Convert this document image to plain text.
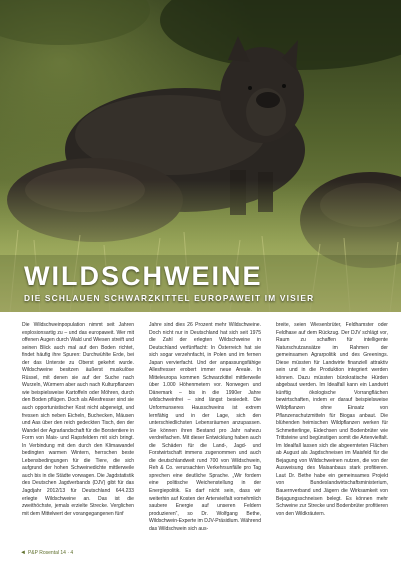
WILDSCHWEINE
DIE SCHLAUEN SCHWARZKITTEL EUROPAWEIT IM VISIER

Die Wildschweinpopulation nimmt seit Jahren explosionsartig zu – und das europaweit. Wer mit offenen Augen durch Wald und Wiesen streift und seinen Blick auch mal auf den Boden richtet, findet häufig ihre Spuren: Durchwühlte Erde, bei der das Unterste zu Oberst gekehrt wurde. Wildschweine besitzen äußerst muskulöse Rüssel, mit denen sie auf der Suche nach Wurzeln, Würmern aber auch nach Kulturpflanzen wie beispielsweise Kartoffeln oder Möhren, durch den Boden pflügen. Doch als Allesfresser sind sie auch opportunistischer Kost nicht abgeneigt, und fressen sich neben Eicheln, Buchecken, Mäusen und Aas über den reich gedeckten Tisch, den der Wandel der Agrarlandschaft für die Borstentiere in Form von Mais- und Rapsfeldern mit sich bringt. In Verbindung mit den durch den Klimawandel bedingten warmen Wintern, herrschen beste Lebensbedingungen für die Tiere, die sich aufgrund der hohen Schweinedichte mittlerweile auch bis in die Städte vorwagen. Die Jagdstatistik des Deutschen Jagdverbands (DJV) gibt für das Jagdjahr 2012/13 für Deutschland 644.233 erlegte Wildschweine an. Das ist die zweithöchste, jemals erzielte Strecke. Verglichen mit dem Mittelwert der vorangegangenen fünf

Jahre sind dies 26 Prozent mehr Wildschweine. Doch nicht nur in Deutschland hat sich seit 1975 die Zahl der erlegten Wildschweine in Deutschland verfünffacht: In Österreich hat sie sich sogar verzehnfacht, in Polen und im fernen Japan vervierfacht. Und der anpassungsfähige Allesfresser erobert immer neue Areale. In Mitteleuropa kommen Schwarzkittel mittlerweile über 1.000 Höhenmetern vor. Norwegen und Dänemark – bis in die 1990er Jahre wildschweinfrei – sind längst besiedelt. Die Unformunseres Hausschweins ist extrem lernfähig und in der Lage, sich den unterschiedlichsten Lebensräumen anzupassen. Sie können ihren Bestand pro Jahr nahezu verdreifachen. Mit dieser Entwicklung haben auch die Schäden für die Land-, Jagd- und Forstwirtschaft immens zugenommen und auch die deutschlandweit rund 700 von Wildschwein, Reh & Co. verursachten Verkehrsunfälle pro Tag sprechen eine deutliche Sprache. „Wir fordern eine politische Weichenstellung in der Energiepolitik. Es darf nicht sein, dass wir weiterhin auf Kosten der Artenvielfalt vornehmlich saubere Energie auf unseren Feldern produzieren“, so Dr. Wolfgang Bethe, Wildschwein-Experte im DJV-Präsidium. Während das Wildschwein sich aus-

breite, seien Wiesenbrüter, Feldhamster oder Feldhase auf dem Rückzug. Der DJV schlägt vor, Raum zu schaffen für intelligente Naturschutzansätze im Rahmen der gemeinsamen Agrarpolitik und des Greenings. Diese müssten für Landwirte finanziell attraktiv sein und in die Produktion integriert werden können. Dazu müssten bürokratische Hürden abgebaut werden. Im Idealfall kann ein Landwirt künftig ökologische Vorrangflächen bewirtschaften, indem er darauf beispielsweise Wildpflanzen ohne Einsatz von Pflanzenschutzmitteln für Biogas anbaut. Die blühenden heimischen Wildpflanzen werken für Schmetterlinge, Eidechsen und Bodenbrüter wie Trittsteine und begünstigen somit die Artenvielfalt. Im Idealfall lassen sich die abgeernteten Flächen ab August als Jagdschneisen im Maisfeld für die Bejagung von Wildschweinen nutzen, die von der Ausweisung des Maisanbaus stark profitieren. Laut Dr. Bethe habe ein gemeinsames Projekt von Bundeslandwirtschaftsministerium, Bauernverband und Jägern die Wirksamkeit von Bejagungsschneisen belegt. Es können mehr Schweine zur Strecke und Bodenbrüter profitieren von den Wildkräutern.

◄ P&P Rosental 14 · 4
